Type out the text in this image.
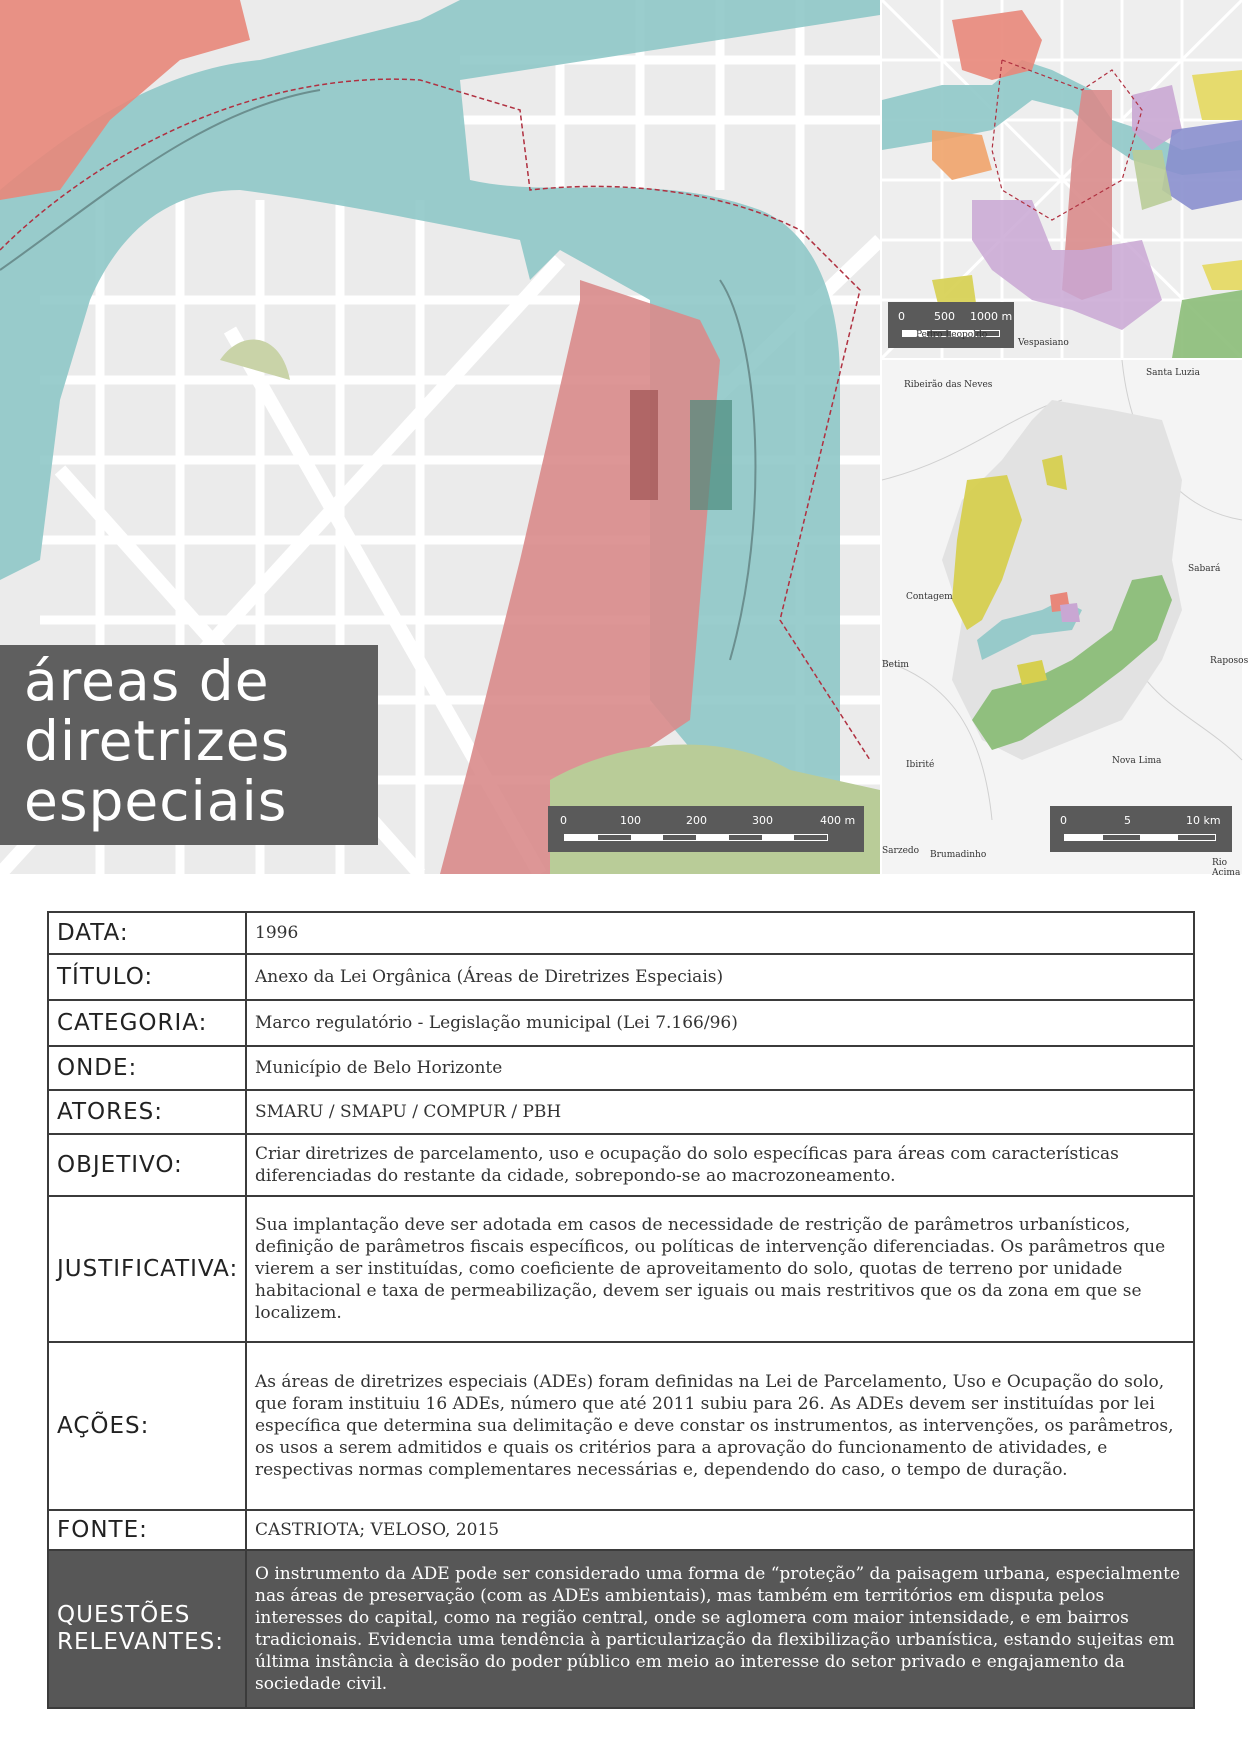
áreas de
diretrizes
especiais	0	100	200	300	400 m
0	500 1000 m
Pedro Leopoldo
Vespasiano
Santa Luzia
Ribeirão das Neves
Sabará
Contagem
Betim	Raposos
Ibirité	Nova Lima
Sarzedo Brumadinho
Rio Acima
0	5	10 km
DATA:	1996
TÍTULO:	Anexo da Lei Orgânica (Áreas de Diretrizes Especiais)
CATEGORIA:	Marco regulatório - Legislação municipal (Lei 7.166/96)
ONDE:	Município de Belo Horizonte
ATORES:	SMARU / SMAPU / COMPUR / PBH
OBJETIVO:	Criar diretrizes de parcelamento, uso e ocupação do solo específicas para áreas com características diferenciadas do restante da cidade, sobrepondo-se ao macrozoneamento.
JUSTIFICATIVA:	Sua implantação deve ser adotada em casos de necessidade de restrição de parâmetros urbanísticos, definição de parâmetros fiscais específicos, ou políticas de intervenção diferenciadas. Os parâmetros que vierem a ser instituídas, como coeficiente de aproveitamento do solo, quotas de terreno por unidade habitacional e taxa de permeabilização, devem ser iguais ou mais restritivos que os da zona em que se localizem.
AÇÕES:	As áreas de diretrizes especiais (ADEs) foram definidas na Lei de Parcelamento, Uso e Ocupação do solo, que foram instituiu 16 ADEs, número que até 2011 subiu para 26. As ADEs devem ser instituídas por lei específica que determina sua delimitação e deve constar os instrumentos, as intervenções, os parâmetros, os usos a serem admitidos e quais os critérios para a aprovação do funcionamento de atividades, e respectivas normas complementares necessárias e, dependendo do caso, o tempo de duração.
FONTE:	CASTRIOTA; VELOSO, 2015
QUESTÕES RELEVANTES:	O instrumento da ADE pode ser considerado uma forma de “proteção” da paisagem urbana, especialmente nas áreas de preservação (com as ADEs ambientais), mas também em territórios em disputa pelos interesses do capital, como na região central, onde se aglomera com maior intensidade, e em bairros tradicionais. Evidencia uma tendência à particularização da flexibilização urbanística, estando sujeitas em última instância à decisão do poder público em meio ao interesse do setor privado e engajamento da sociedade civil.
